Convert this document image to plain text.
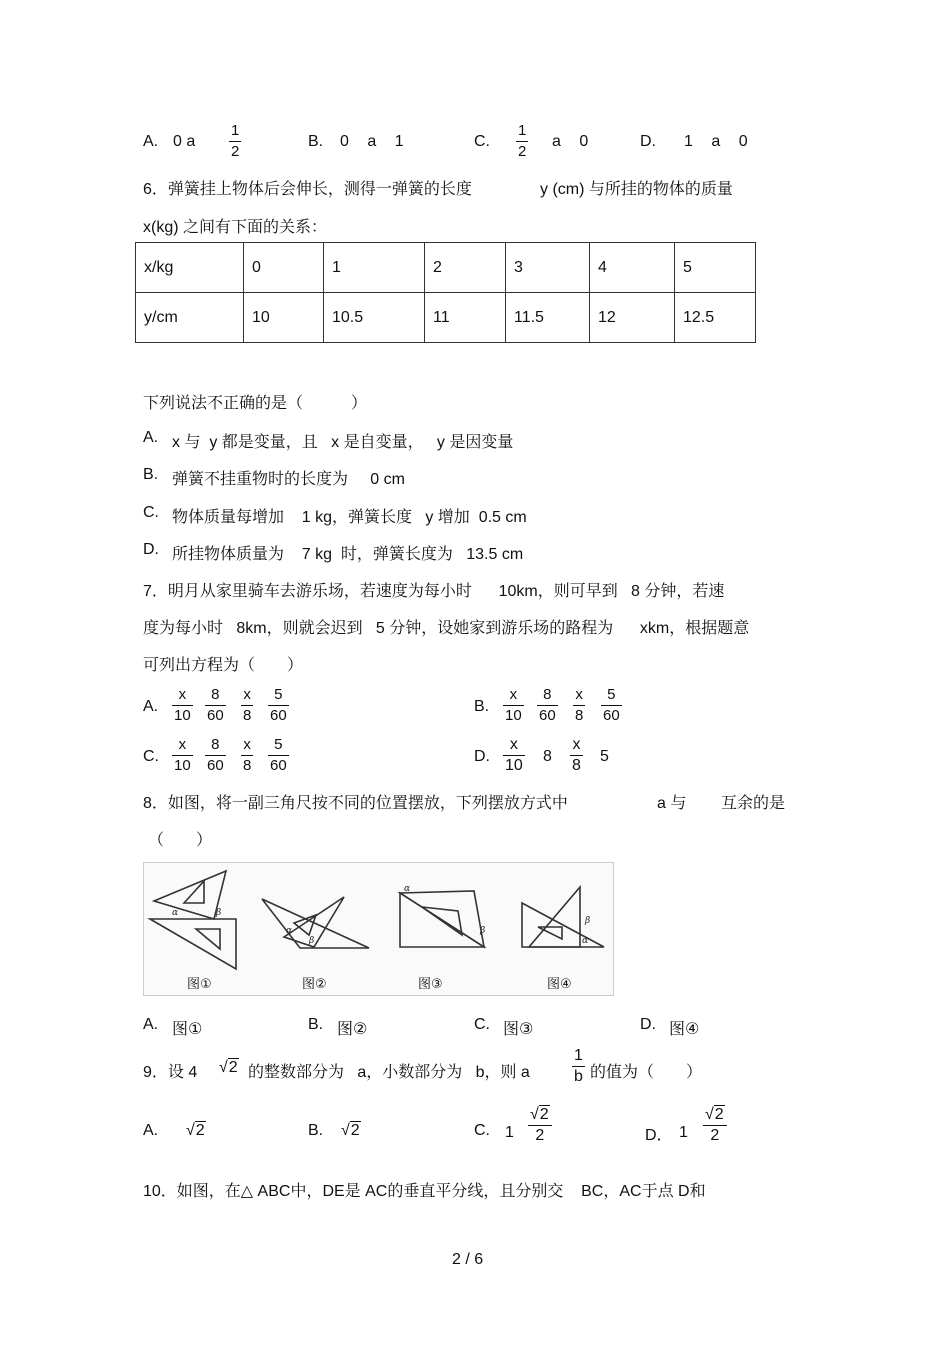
A. 0 a
1
2
B. 0 a 1	C.
1
2
a 0	D. 1 a 0
6．弹簧挂上物体后会伸长，测得一弹簧的长度	y (cm) 与所挂的物体的质量
x(kg) 之间有下面的关系：
x/kg	0	1	2	3	4	5
y/cm	10	10.5	11	11.5	12	12.5
下列说法不正确的是（　　　）
A. x 与  y 都是变量，且   x 是自变量，   y 是因变量
B. 弹簧不挂重物时的长度为     0 cm
C. 物体质量每增加    1 kg，弹簧长度   y 增加  0.5 cm
D. 所挂物体质量为    7 kg  时，弹簧长度为   13.5 cm
7．明月从家里骑车去游乐场，若速度为每小时      10km，则可早到   8 分钟，若速
度为每小时   8km，则就会迟到   5 分钟，设她家到游乐场的路程为      xkm，根据题意
可列出方程为（　　）
A.
x
10
8
60
x
8
5
60
B.
x
10
8
60
x
8
5
60
C.
x
10
8
60
x
8
5
60
D.
x
10
8
x
8
5
8．如图，将一副三角尺按不同的位置摆放，下列摆放方式中	a 与 互余的是
（　　）
α	β
α
β
α
β
β
α
图①	图②	图③	图④
A. 图①	B. 图②	C. 图③	D. 图④
9．设 4 √2 的整数部分为   a，小数部分为   b，则 a
1
b 的值为（　　）
A. √2	B. √2	C. 1
√2
2	D． 1
√2
2
10．如图，在△ ABC中，DE是 AC的垂直平分线，且分别交    BC，AC于点 D和
2 / 6
